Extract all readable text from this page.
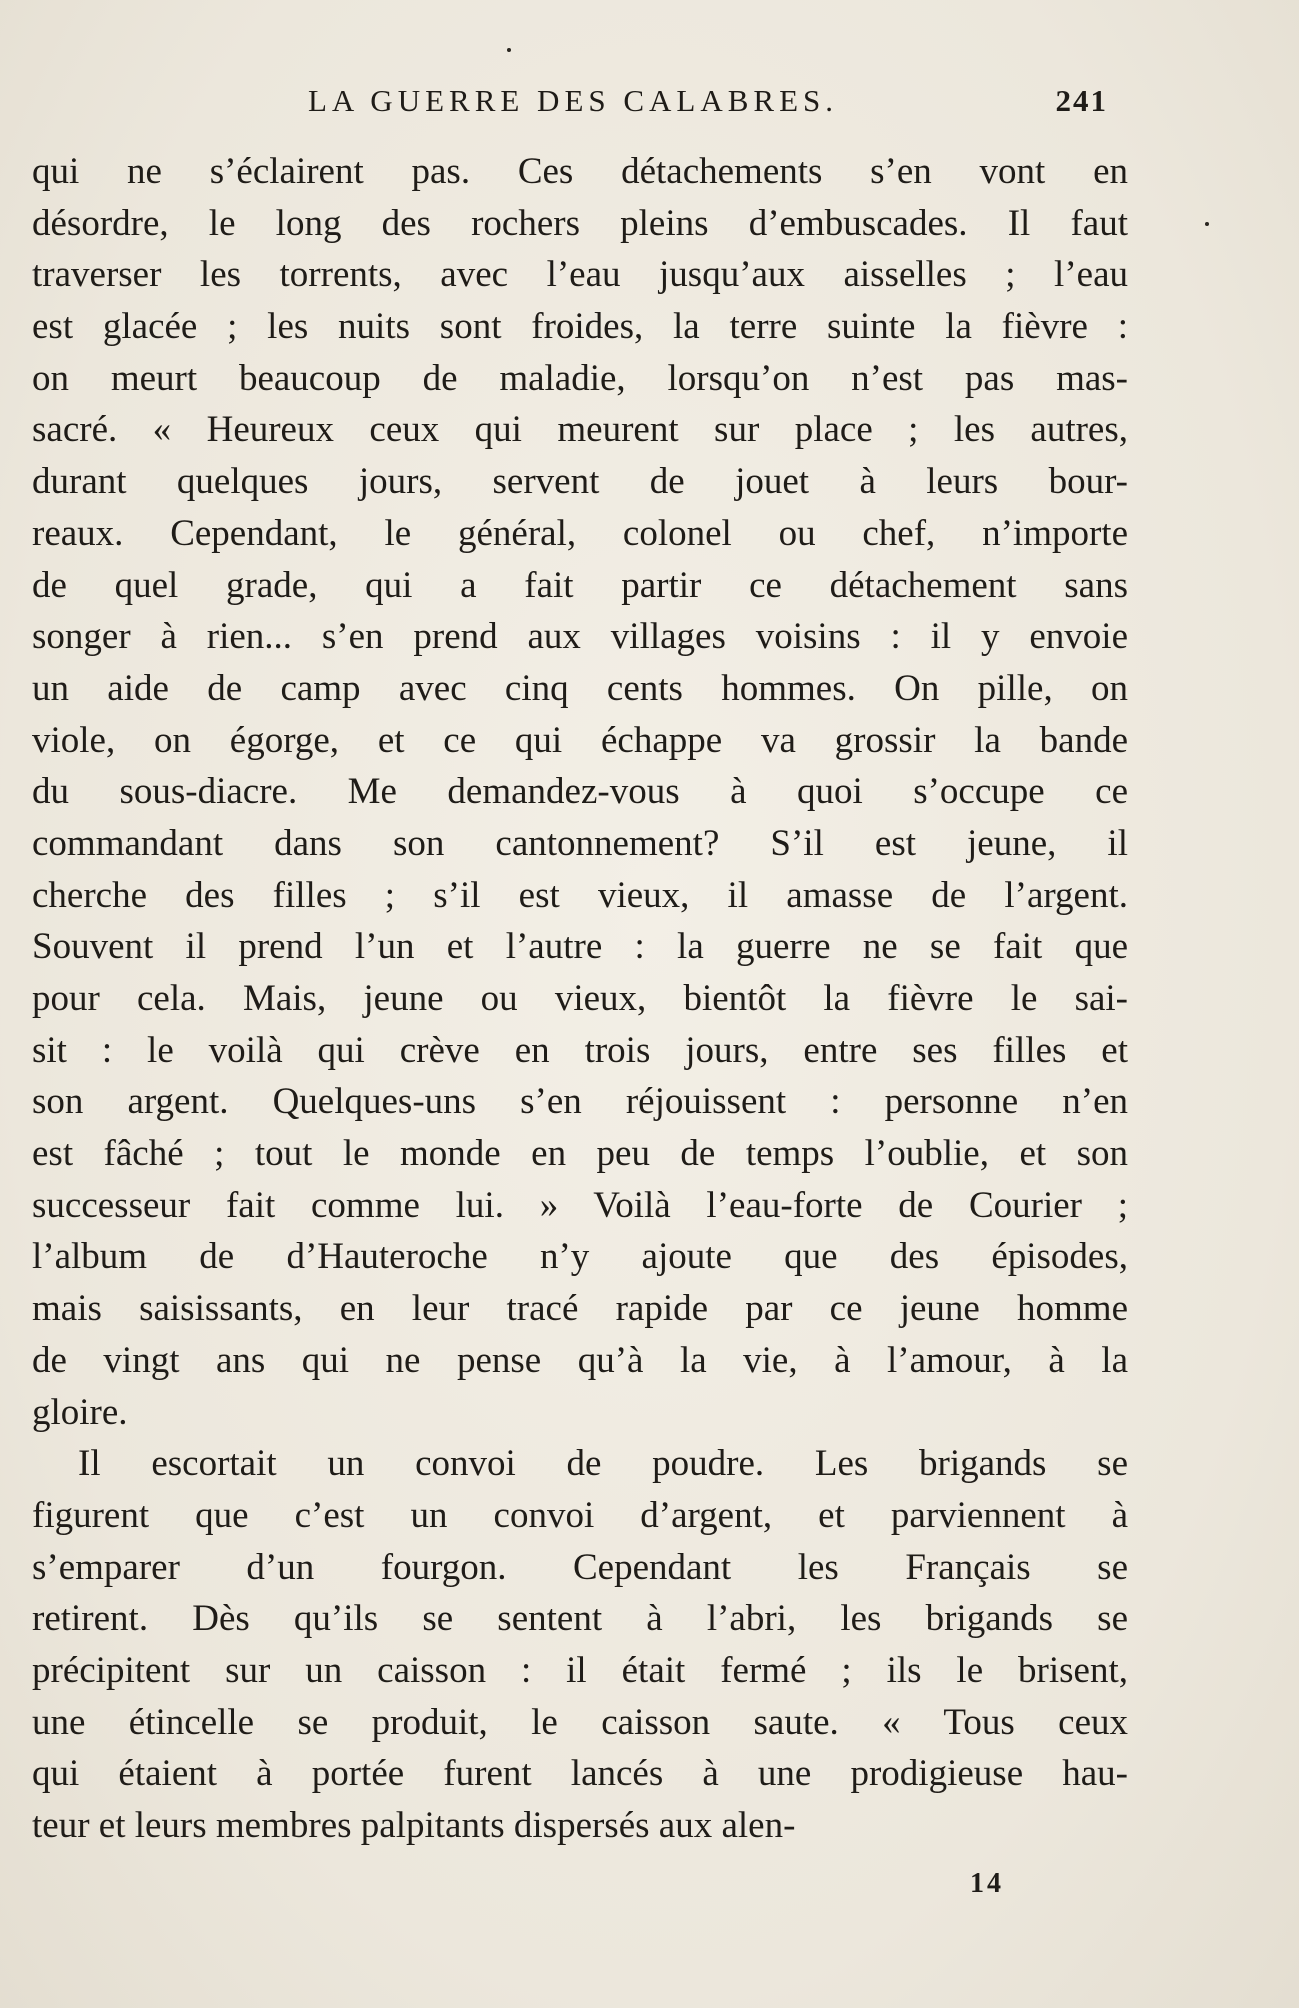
LA GUERRE DES CALABRES.	241
qui ne s’éclairent pas. Ces détachements s’en vont en
désordre, le long des rochers pleins d’embuscades. Il faut
traverser les torrents, avec l’eau jusqu’aux aisselles ; l’eau
est glacée ; les nuits sont froides, la terre suinte la fièvre :
on meurt beaucoup de maladie, lorsqu’on n’est pas mas-
sacré. « Heureux ceux qui meurent sur place ; les autres,
durant quelques jours, servent de jouet à leurs bour-
reaux. Cependant, le général, colonel ou chef, n’importe
de quel grade, qui a fait partir ce détachement sans
songer à rien... s’en prend aux villages voisins : il y envoie
un aide de camp avec cinq cents hommes. On pille, on
viole, on égorge, et ce qui échappe va grossir la bande
du sous-diacre. Me demandez-vous à quoi s’occupe ce
commandant dans son cantonnement? S’il est jeune, il
cherche des filles ; s’il est vieux, il amasse de l’argent.
Souvent il prend l’un et l’autre : la guerre ne se fait que
pour cela. Mais, jeune ou vieux, bientôt la fièvre le sai-
sit : le voilà qui crève en trois jours, entre ses filles et
son argent. Quelques-uns s’en réjouissent : personne n’en
est fâché ; tout le monde en peu de temps l’oublie, et son
successeur fait comme lui. » Voilà l’eau-forte de Courier ;
l’album de d’Hauteroche n’y ajoute que des épisodes,
mais saisissants, en leur tracé rapide par ce jeune homme
de vingt ans qui ne pense qu’à la vie, à l’amour, à la
gloire.
Il escortait un convoi de poudre. Les brigands se
figurent que c’est un convoi d’argent, et parviennent à
s’emparer d’un fourgon. Cependant les Français se
retirent. Dès qu’ils se sentent à l’abri, les brigands se
précipitent sur un caisson : il était fermé ; ils le brisent,
une étincelle se produit, le caisson saute. « Tous ceux
qui étaient à portée furent lancés à une prodigieuse hau-
teur et leurs membres palpitants dispersés aux alen-
14
